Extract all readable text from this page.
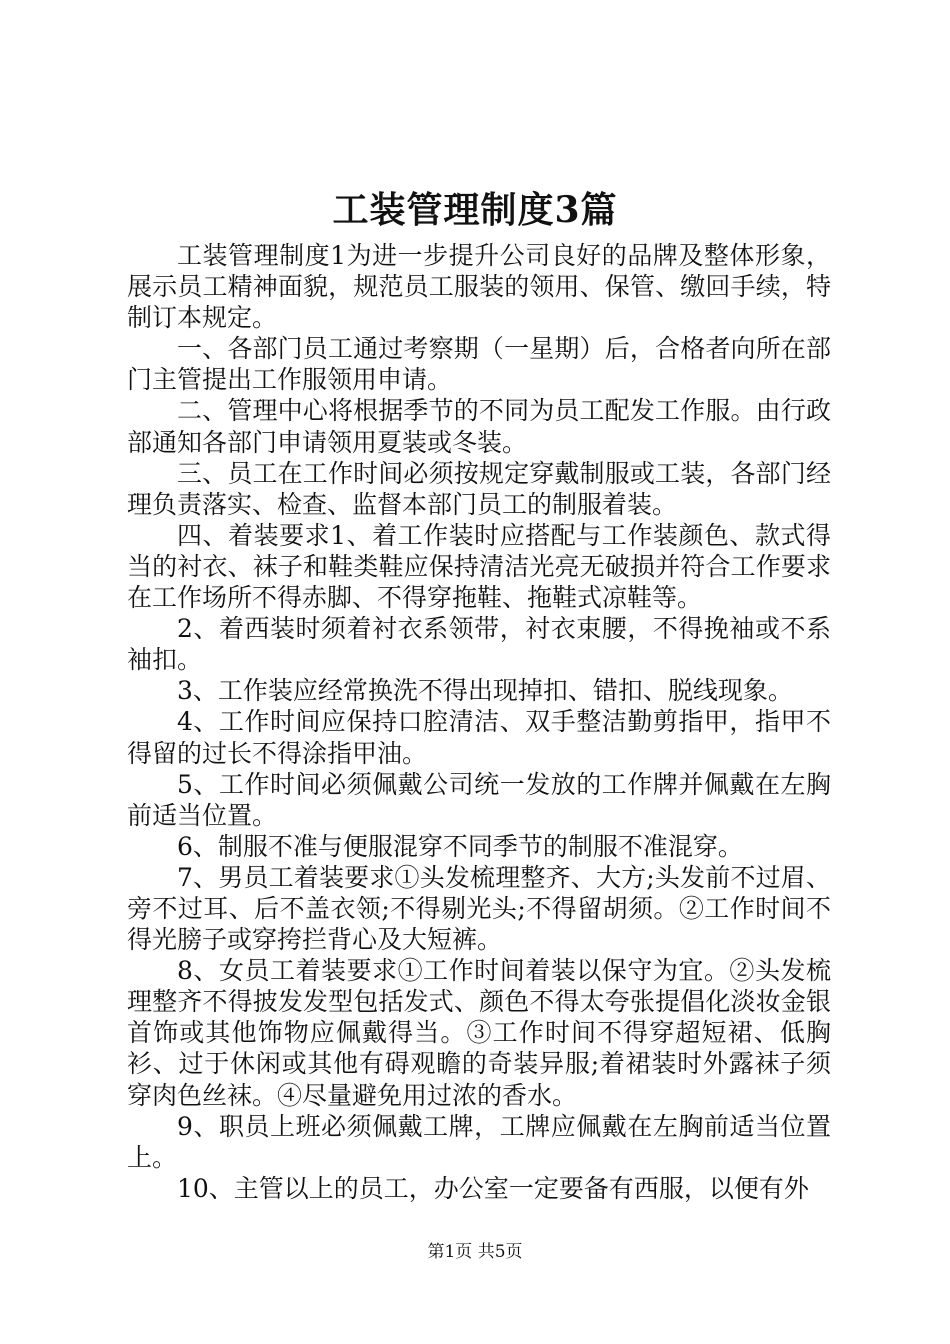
工装管理制度3篇

工装管理制度1为进一步提升公司良好的品牌及整体形象，展示员工精神面貌，规范员工服装的领用、保管、缴回手续，特制订本规定。

一、各部门员工通过考察期（一星期）后，合格者向所在部门主管提出工作服领用申请。

二、管理中心将根据季节的不同为员工配发工作服。由行政部通知各部门申请领用夏装或冬装。

三、员工在工作时间必须按规定穿戴制服或工装，各部门经理负责落实、检查、监督本部门员工的制服着装。

四、着装要求1、着工作装时应搭配与工作装颜色、款式得当的衬衣、袜子和鞋类鞋应保持清洁光亮无破损并符合工作要求在工作场所不得赤脚、不得穿拖鞋、拖鞋式凉鞋等。

2、着西装时须着衬衣系领带，衬衣束腰，不得挽袖或不系袖扣。

3、工作装应经常换洗不得出现掉扣、错扣、脱线现象。

4、工作时间应保持口腔清洁、双手整洁勤剪指甲，指甲不得留的过长不得涂指甲油。

5、工作时间必须佩戴公司统一发放的工作牌并佩戴在左胸前适当位置。

6、制服不准与便服混穿不同季节的制服不准混穿。

7、男员工着装要求①头发梳理整齐、大方;头发前不过眉、旁不过耳、后不盖衣领;不得剔光头;不得留胡须。②工作时间不得光膀子或穿挎拦背心及大短裤。

8、女员工着装要求①工作时间着装以保守为宜。②头发梳理整齐不得披发发型包括发式、颜色不得太夸张提倡化淡妆金银首饰或其他饰物应佩戴得当。③工作时间不得穿超短裙、低胸衫、过于休闲或其他有碍观瞻的奇装异服;着裙装时外露袜子须穿肉色丝袜。④尽量避免用过浓的香水。

9、职员上班必须佩戴工牌，工牌应佩戴在左胸前适当位置上。

10、主管以上的员工，办公室一定要备有西服，以便有外

第1页 共5页
